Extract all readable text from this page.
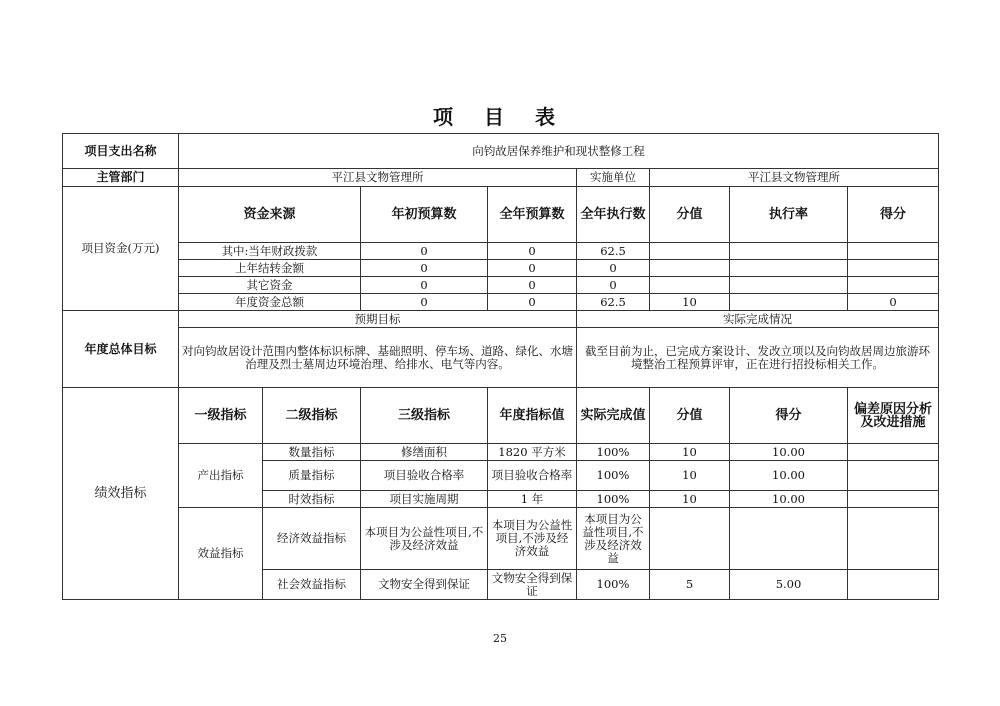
项 目 表
项目支出名称	向钧故居保养维护和现状整修工程							
主管部门	平江县文物管理所				实施单位	平江县文物管理所		
项目资金(万元)	资金来源		年初预算数	全年预算数	全年执行数	分值	执行率	得分
	其中:当年财政拨款		0	0	62.5			
	上年结转金额		0	0	0			
	其它资金		0	0	0			
	年度资金总额		0	0	62.5	10		0
年度总体目标	预期目标				实际完成情况			
	对向钧故居设计范围内整体标识标牌、基础照明、停车场、道路、绿化、水塘治理及烈士墓周边环境治理、给排水、电气等内容。				截至目前为止，已完成方案设计、发改立项以及向钧故居周边旅游环境整治工程预算评审，正在进行招投标相关工作。			
绩效指标	一级指标	二级指标	三级指标	年度指标值	实际完成值	分值	得分	偏差原因分析及改进措施
	产出指标	数量指标	修缮面积	1820 平方米	100%	10	10.00	
		质量指标	项目验收合格率	项目验收合格率	100%	10	10.00	
		时效指标	项目实施周期	1 年	100%	10	10.00	
	效益指标	经济效益指标	本项目为公益性项目,不涉及经济效益	本项目为公益性项目,不涉及经济效益	本项目为公益性项目,不涉及经济效益			
		社会效益指标	文物安全得到保证	文物安全得到保证	100%	5	5.00	
25
